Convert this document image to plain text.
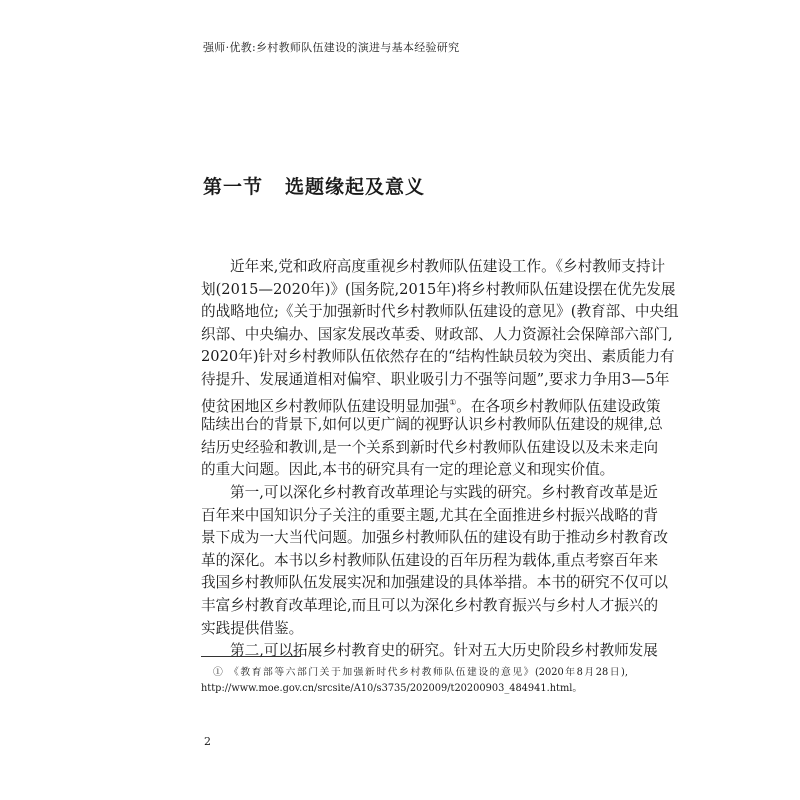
强师·优教:乡村教师队伍建设的演进与基本经验研究
第一节 选题缘起及意义
近年来,党和政府高度重视乡村教师队伍建设工作。《乡村教师支持计
划(2015—2020年)》(国务院,2015年)将乡村教师队伍建设摆在优先发展
的战略地位;《关于加强新时代乡村教师队伍建设的意见》(教育部、中央组
织部、中央编办、国家发展改革委、财政部、人力资源社会保障部六部门,
2020年)针对乡村教师队伍依然存在的“结构性缺员较为突出、素质能力有
待提升、发展通道相对偏窄、职业吸引力不强等问题”,要求力争用3—5年
使贫困地区乡村教师队伍建设明显加强①。在各项乡村教师队伍建设政策
陆续出台的背景下,如何以更广阔的视野认识乡村教师队伍建设的规律,总
结历史经验和教训,是一个关系到新时代乡村教师队伍建设以及未来走向
的重大问题。因此,本书的研究具有一定的理论意义和现实价值。
第一,可以深化乡村教育改革理论与实践的研究。乡村教育改革是近
百年来中国知识分子关注的重要主题,尤其在全面推进乡村振兴战略的背
景下成为一大当代问题。加强乡村教师队伍的建设有助于推动乡村教育改
革的深化。本书以乡村教师队伍建设的百年历程为载体,重点考察百年来
我国乡村教师队伍发展实况和加强建设的具体举措。本书的研究不仅可以
丰富乡村教育改革理论,而且可以为深化乡村教育振兴与乡村人才振兴的
实践提供借鉴。
第二,可以拓展乡村教育史的研究。针对五大历史阶段乡村教师发展
① 《教育部等六部门关于加强新时代乡村教师队伍建设的意见》(2020年8月28日),
http://www.moe.gov.cn/srcsite/A10/s3735/202009/t20200903_484941.html。
2
